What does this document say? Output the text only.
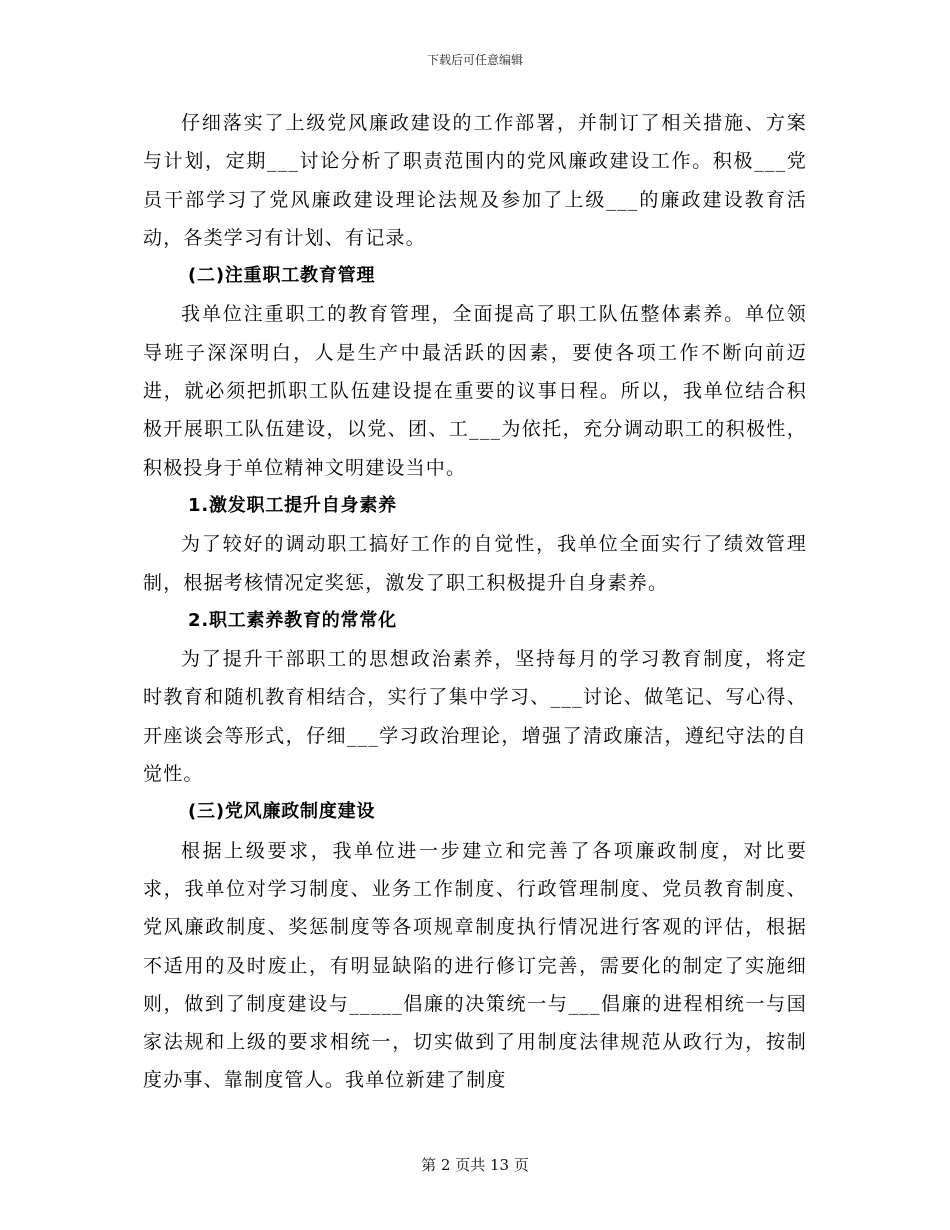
下载后可任意编辑

仔细落实了上级党风廉政建设的工作部署，并制订了相关措施、方案与计划，定期___讨论分析了职责范围内的党风廉政建设工作。积极___党员干部学习了党风廉政建设理论法规及参加了上级___的廉政建设教育活动，各类学习有计划、有记录。

(二)注重职工教育管理

我单位注重职工的教育管理，全面提高了职工队伍整体素养。单位领导班子深深明白，人是生产中最活跃的因素，要使各项工作不断向前迈进，就必须把抓职工队伍建设提在重要的议事日程。所以，我单位结合积极开展职工队伍建设，以党、团、工___为依托，充分调动职工的积极性，积极投身于单位精神文明建设当中。

1.激发职工提升自身素养

为了较好的调动职工搞好工作的自觉性，我单位全面实行了绩效管理制，根据考核情况定奖惩，激发了职工积极提升自身素养。

2.职工素养教育的常常化

为了提升干部职工的思想政治素养，坚持每月的学习教育制度，将定时教育和随机教育相结合，实行了集中学习、___讨论、做笔记、写心得、开座谈会等形式，仔细___学习政治理论，增强了清政廉洁，遵纪守法的自觉性。

(三)党风廉政制度建设

根据上级要求，我单位进一步建立和完善了各项廉政制度，对比要求，我单位对学习制度、业务工作制度、行政管理制度、党员教育制度、党风廉政制度、奖惩制度等各项规章制度执行情况进行客观的评估，根据不适用的及时废止，有明显缺陷的进行修订完善，需要化的制定了实施细则，做到了制度建设与_____倡廉的决策统一与___倡廉的进程相统一与国家法规和上级的要求相统一，切实做到了用制度法律规范从政行为，按制度办事、靠制度管人。我单位新建了制度

第 2 页共 13 页
